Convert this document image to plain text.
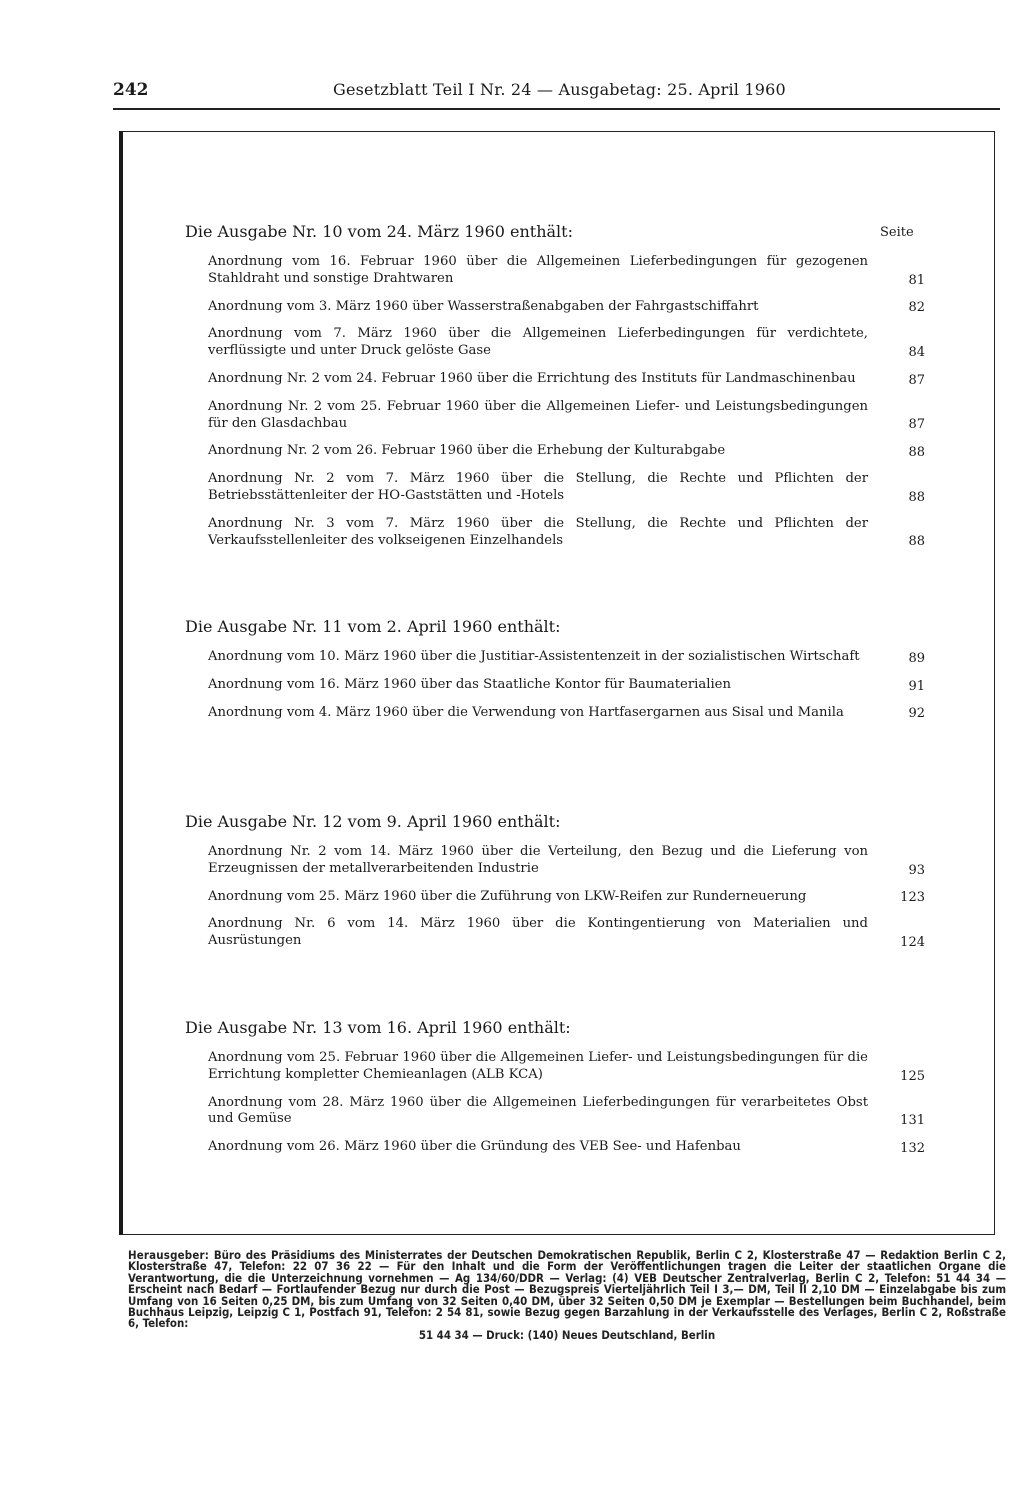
242	Gesetzblatt Teil I Nr. 24 — Ausgabetag: 25. April 1960
Seite
Die Ausgabe Nr. 10 vom 24. März 1960 enthält:
Anordnung vom 16. Februar 1960 über die Allgemeinen Lieferbedingungen für gezogenen Stahldraht und sonstige Drahtwaren	81
Anordnung vom 3. März 1960 über Wasserstraßenabgaben der Fahrgastschiffahrt	82
Anordnung vom 7. März 1960 über die Allgemeinen Lieferbedingungen für verdichtete, verflüssigte und unter Druck gelöste Gase	84
Anordnung Nr. 2 vom 24. Februar 1960 über die Errichtung des Instituts für Landmaschinenbau	87
Anordnung Nr. 2 vom 25. Februar 1960 über die Allgemeinen Liefer- und Leistungsbedingungen für den Glasdachbau	87
Anordnung Nr. 2 vom 26. Februar 1960 über die Erhebung der Kulturabgabe	88
Anordnung Nr. 2 vom 7. März 1960 über die Stellung, die Rechte und Pflichten der Betriebsstättenleiter der HO-Gaststätten und -Hotels	88
Anordnung Nr. 3 vom 7. März 1960 über die Stellung, die Rechte und Pflichten der Verkaufsstellenleiter des volkseigenen Einzelhandels	88
Die Ausgabe Nr. 11 vom 2. April 1960 enthält:
Anordnung vom 10. März 1960 über die Justitiar-Assistentenzeit in der sozialistischen Wirtschaft	89
Anordnung vom 16. März 1960 über das Staatliche Kontor für Baumaterialien	91
Anordnung vom 4. März 1960 über die Verwendung von Hartfasergarnen aus Sisal und Manila	92
Die Ausgabe Nr. 12 vom 9. April 1960 enthält:
Anordnung Nr. 2 vom 14. März 1960 über die Verteilung, den Bezug und die Lieferung von Erzeugnissen der metallverarbeitenden Industrie	93
Anordnung vom 25. März 1960 über die Zuführung von LKW-Reifen zur Runderneuerung	123
Anordnung Nr. 6 vom 14. März 1960 über die Kontingentierung von Materialien und Ausrüstungen	124
Die Ausgabe Nr. 13 vom 16. April 1960 enthält:
Anordnung vom 25. Februar 1960 über die Allgemeinen Liefer- und Leistungsbedingungen für die Errichtung kompletter Chemieanlagen (ALB KCA)	125
Anordnung vom 28. März 1960 über die Allgemeinen Lieferbedingungen für verarbeitetes Obst und Gemüse	131
Anordnung vom 26. März 1960 über die Gründung des VEB See- und Hafenbau	132
Herausgeber: Büro des Präsidiums des Ministerrates der Deutschen Demokratischen Republik, Berlin C 2, Klosterstraße 47 — Redaktion Berlin C 2, Klosterstraße 47, Telefon: 22 07 36 22 — Für den Inhalt und die Form der Veröffentlichungen tragen die Leiter der staatlichen Organe die Verantwortung, die die Unterzeichnung vornehmen — Ag 134/60/DDR — Verlag: (4) VEB Deutscher Zentralverlag, Berlin C 2, Telefon: 51 44 34 — Erscheint nach Bedarf — Fortlaufender Bezug nur durch die Post — Bezugspreis Vierteljährlich Teil I 3,— DM, Teil II 2,10 DM — Einzelabgabe bis zum Umfang von 16 Seiten 0,25 DM, bis zum Umfang von 32 Seiten 0,40 DM, über 32 Seiten 0,50 DM je Exemplar — Bestellungen beim Buchhandel, beim Buchhaus Leipzig, Leipzig C 1, Postfach 91, Telefon: 2 54 81, sowie Bezug gegen Barzahlung in der Verkaufsstelle des Verlages, Berlin C 2, Roßstraße 6, Telefon:
51 44 34 — Druck: (140) Neues Deutschland, Berlin
